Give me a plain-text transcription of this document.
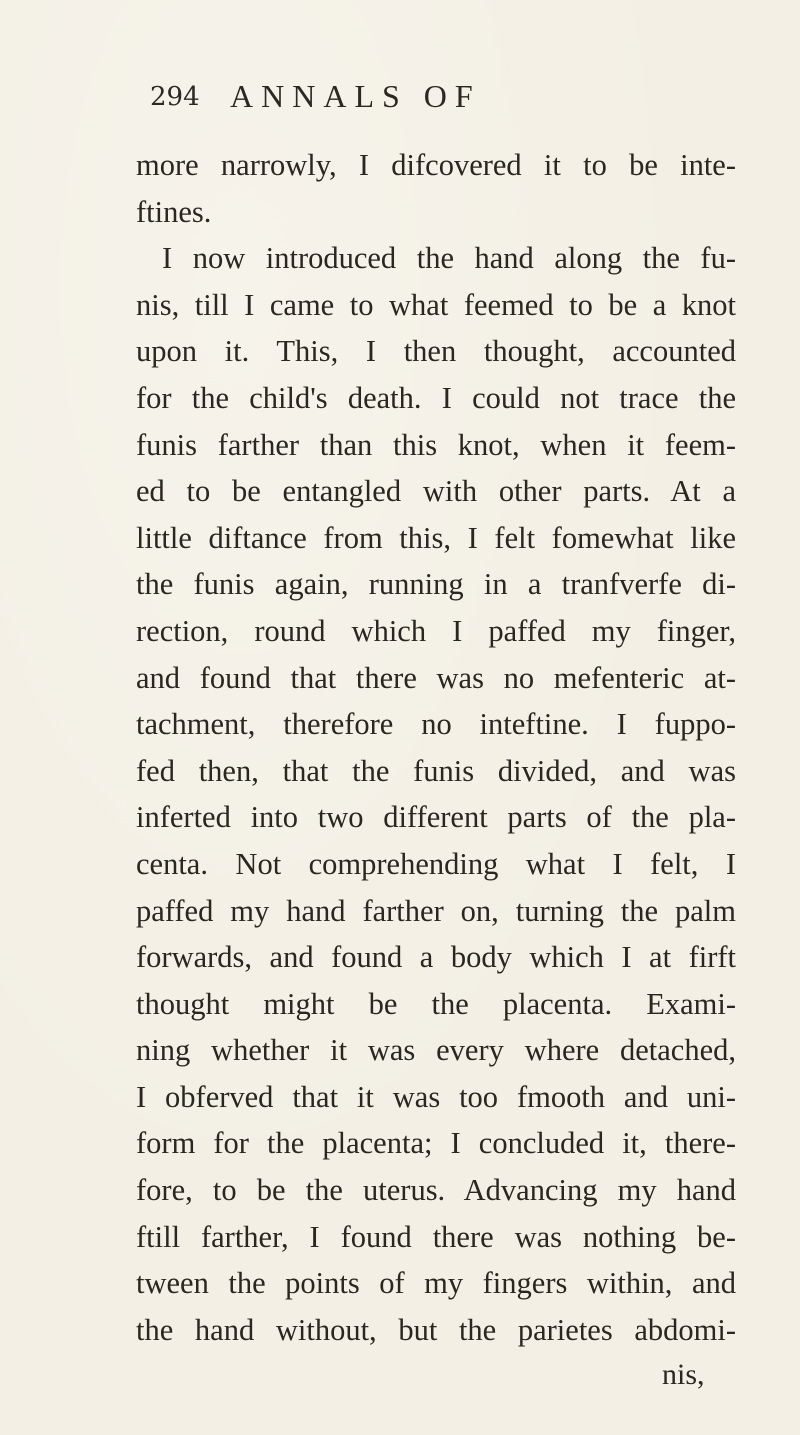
294 ANNALS OF
more narrowly, I difcovered it to be inte-
ftines.
I now introduced the hand along the fu-
nis, till I came to what feemed to be a knot
upon it. This, I then thought, accounted
for the child's death. I could not trace the
funis farther than this knot, when it feem-
ed to be entangled with other parts. At a
little diftance from this, I felt fomewhat like
the funis again, running in a tranfverfe di-
rection, round which I paffed my finger,
and found that there was no mefenteric at-
tachment, therefore no inteftine. I fuppo-
fed then, that the funis divided, and was
inferted into two different parts of the pla-
centa. Not comprehending what I felt, I
paffed my hand farther on, turning the palm
forwards, and found a body which I at firft
thought might be the placenta. Exami-
ning whether it was every where detached,
I obferved that it was too fmooth and uni-
form for the placenta; I concluded it, there-
fore, to be the uterus. Advancing my hand
ftill farther, I found there was nothing be-
tween the points of my fingers within, and
the hand without, but the parietes abdomi-
nis,
